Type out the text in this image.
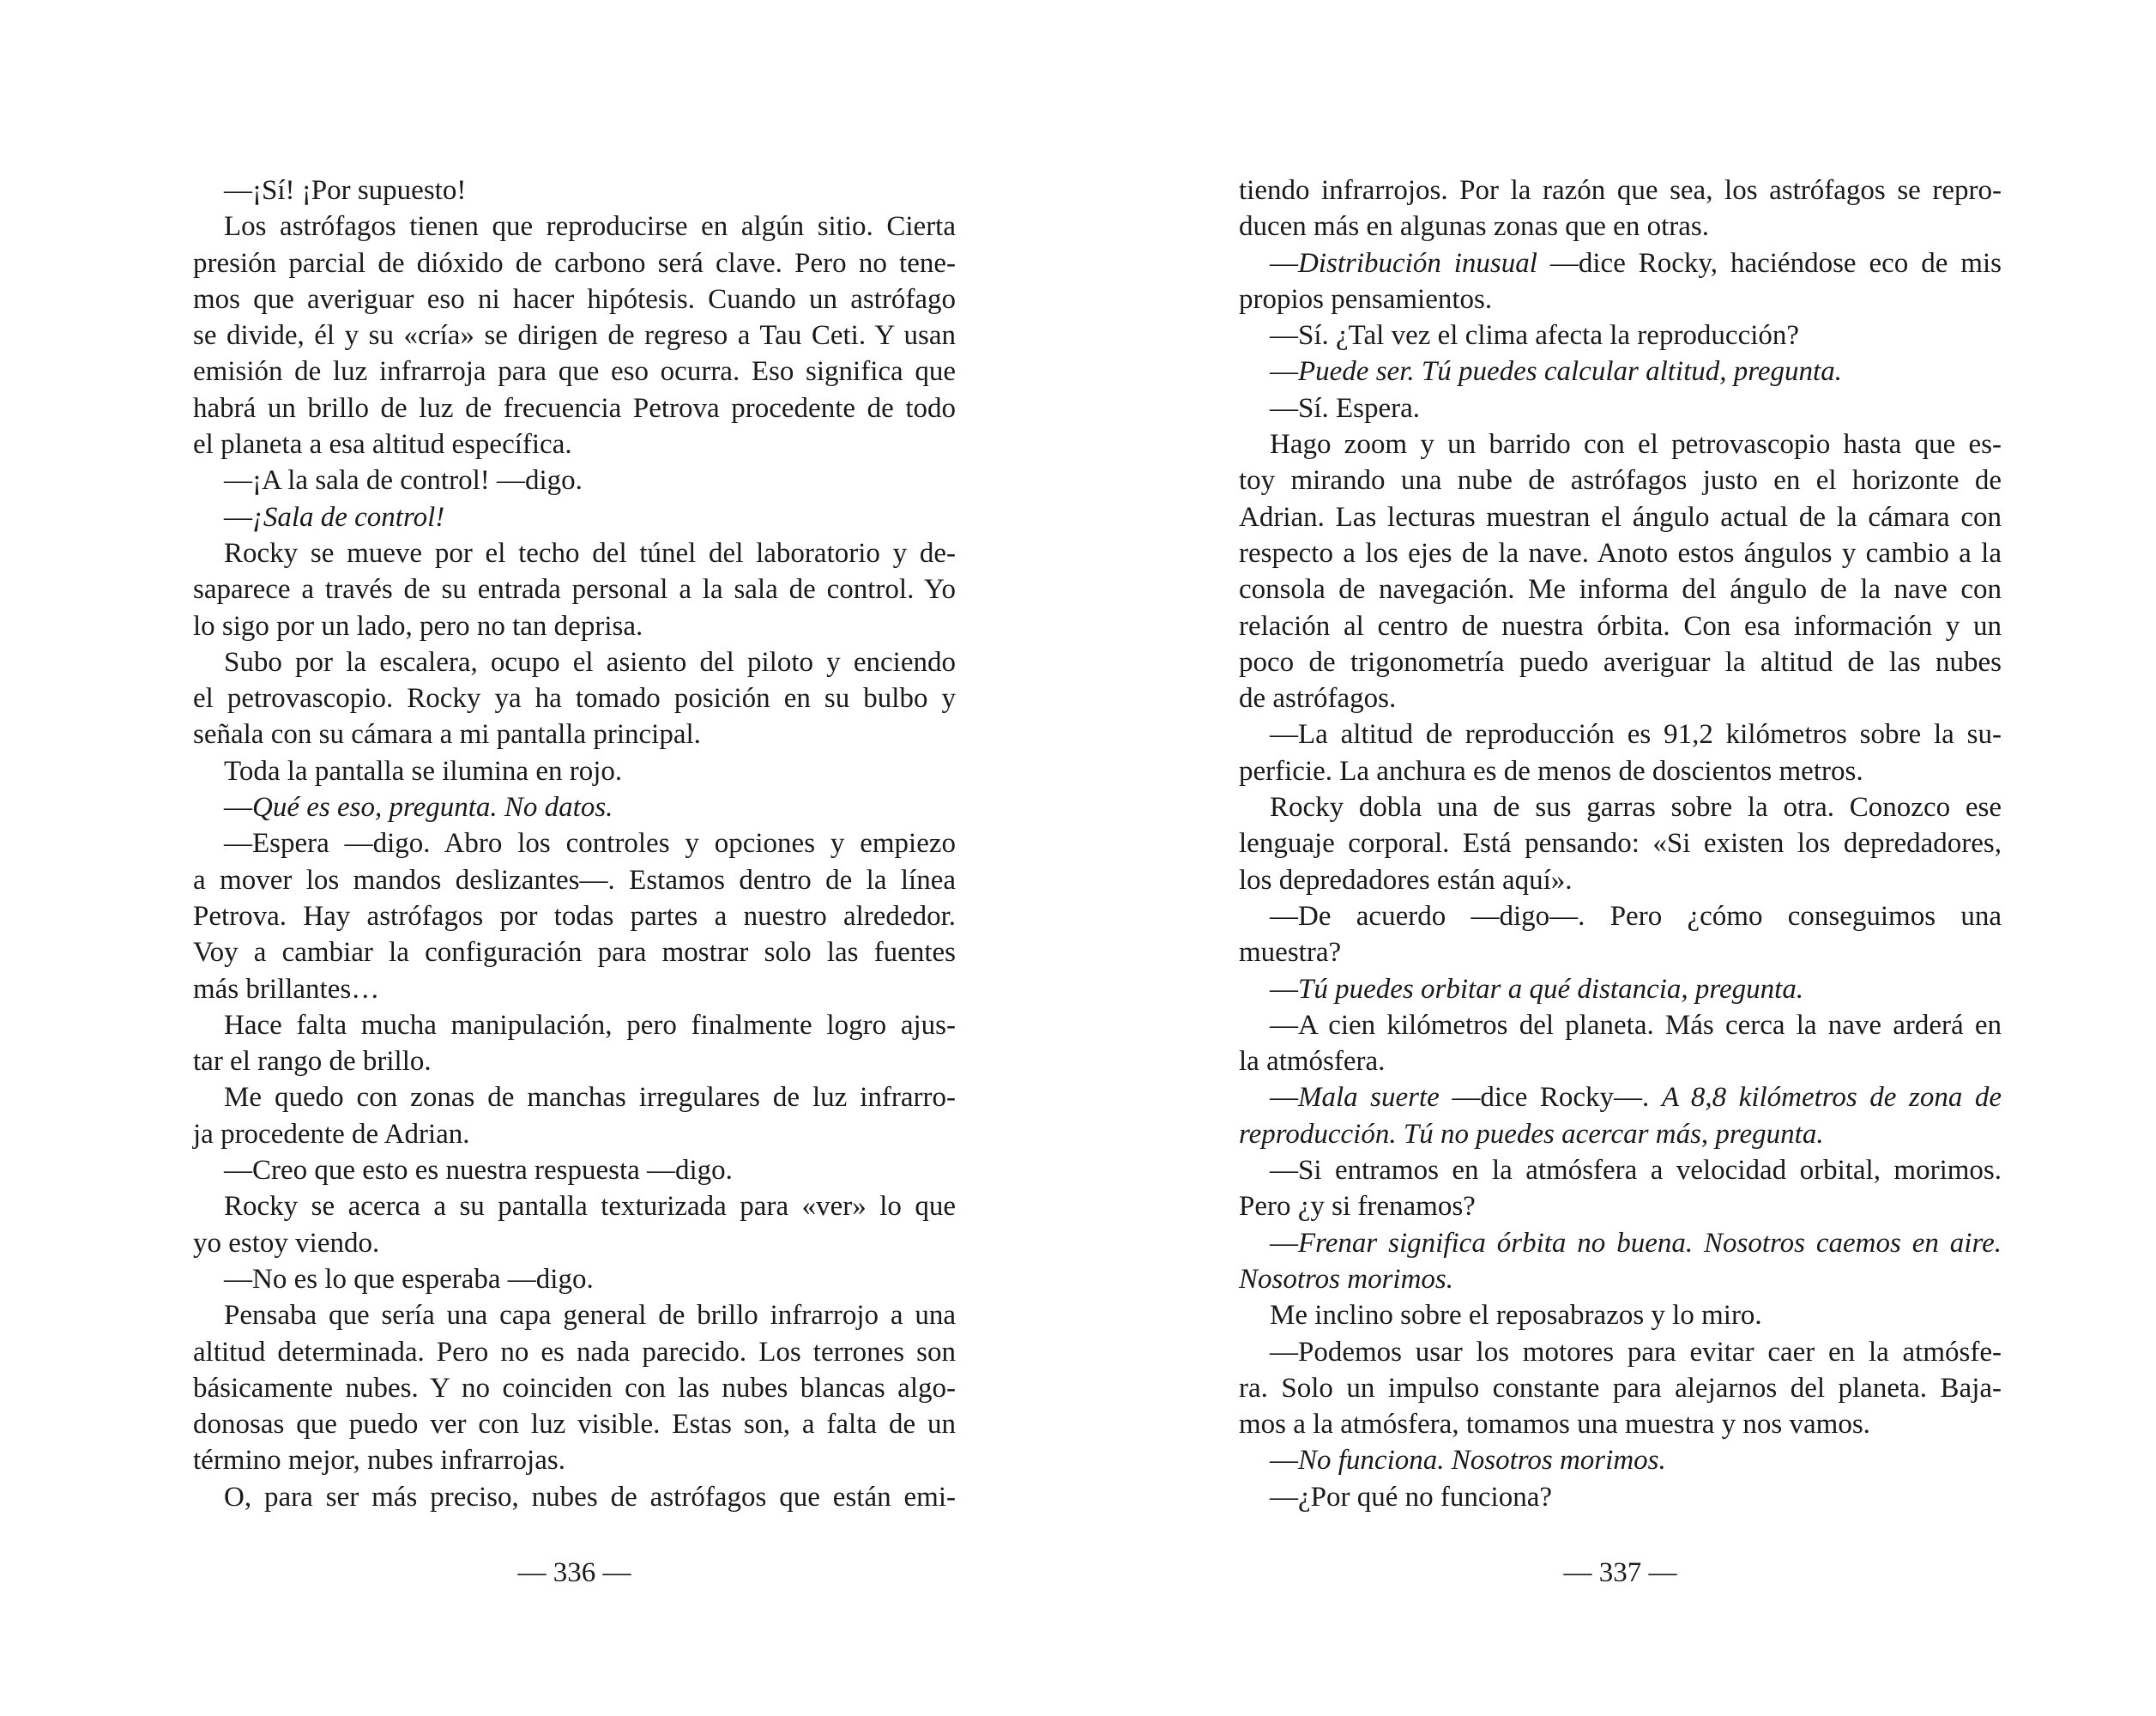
—¡Sí! ¡Por supuesto!
Los astrófagos tienen que reproducirse en algún sitio. Cierta
presión parcial de dióxido de carbono será clave. Pero no tene-
mos que averiguar eso ni hacer hipótesis. Cuando un astrófago
se divide, él y su «cría» se dirigen de regreso a Tau Ceti. Y usan
emisión de luz infrarroja para que eso ocurra. Eso significa que
habrá un brillo de luz de frecuencia Petrova procedente de todo
el planeta a esa altitud específica.
—¡A la sala de control! —digo.
—¡Sala de control!
Rocky se mueve por el techo del túnel del laboratorio y de-
saparece a través de su entrada personal a la sala de control. Yo
lo sigo por un lado, pero no tan deprisa.
Subo por la escalera, ocupo el asiento del piloto y enciendo
el petrovascopio. Rocky ya ha tomado posición en su bulbo y
señala con su cámara a mi pantalla principal.
Toda la pantalla se ilumina en rojo.
—Qué es eso, pregunta. No datos.
—Espera —digo. Abro los controles y opciones y empiezo
a mover los mandos deslizantes—. Estamos dentro de la línea
Petrova. Hay astrófagos por todas partes a nuestro alrededor.
Voy a cambiar la configuración para mostrar solo las fuentes
más brillantes…
Hace falta mucha manipulación, pero finalmente logro ajus-
tar el rango de brillo.
Me quedo con zonas de manchas irregulares de luz infrarro-
ja procedente de Adrian.
—Creo que esto es nuestra respuesta —digo.
Rocky se acerca a su pantalla texturizada para «ver» lo que
yo estoy viendo.
—No es lo que esperaba —digo.
Pensaba que sería una capa general de brillo infrarrojo a una
altitud determinada. Pero no es nada parecido. Los terrones son
básicamente nubes. Y no coinciden con las nubes blancas algo-
donosas que puedo ver con luz visible. Estas son, a falta de un
término mejor, nubes infrarrojas.
O, para ser más preciso, nubes de astrófagos que están emi-
— 336 —
tiendo infrarrojos. Por la razón que sea, los astrófagos se repro-
ducen más en algunas zonas que en otras.
—Distribución inusual —dice Rocky, haciéndose eco de mis
propios pensamientos.
—Sí. ¿Tal vez el clima afecta la reproducción?
—Puede ser. Tú puedes calcular altitud, pregunta.
—Sí. Espera.
Hago zoom y un barrido con el petrovascopio hasta que es-
toy mirando una nube de astrófagos justo en el horizonte de
Adrian. Las lecturas muestran el ángulo actual de la cámara con
respecto a los ejes de la nave. Anoto estos ángulos y cambio a la
consola de navegación. Me informa del ángulo de la nave con
relación al centro de nuestra órbita. Con esa información y un
poco de trigonometría puedo averiguar la altitud de las nubes
de astrófagos.
—La altitud de reproducción es 91,2 kilómetros sobre la su-
perficie. La anchura es de menos de doscientos metros.
Rocky dobla una de sus garras sobre la otra. Conozco ese
lenguaje corporal. Está pensando: «Si existen los depredadores,
los depredadores están aquí».
—De acuerdo —digo—. Pero ¿cómo conseguimos una
muestra?
—Tú puedes orbitar a qué distancia, pregunta.
—A cien kilómetros del planeta. Más cerca la nave arderá en
la atmósfera.
—Mala suerte —dice Rocky—. A 8,8 kilómetros de zona de
reproducción. Tú no puedes acercar más, pregunta.
—Si entramos en la atmósfera a velocidad orbital, morimos.
Pero ¿y si frenamos?
—Frenar significa órbita no buena. Nosotros caemos en aire.
Nosotros morimos.
Me inclino sobre el reposabrazos y lo miro.
—Podemos usar los motores para evitar caer en la atmósfe-
ra. Solo un impulso constante para alejarnos del planeta. Baja-
mos a la atmósfera, tomamos una muestra y nos vamos.
—No funciona. Nosotros morimos.
—¿Por qué no funciona?
— 337 —
